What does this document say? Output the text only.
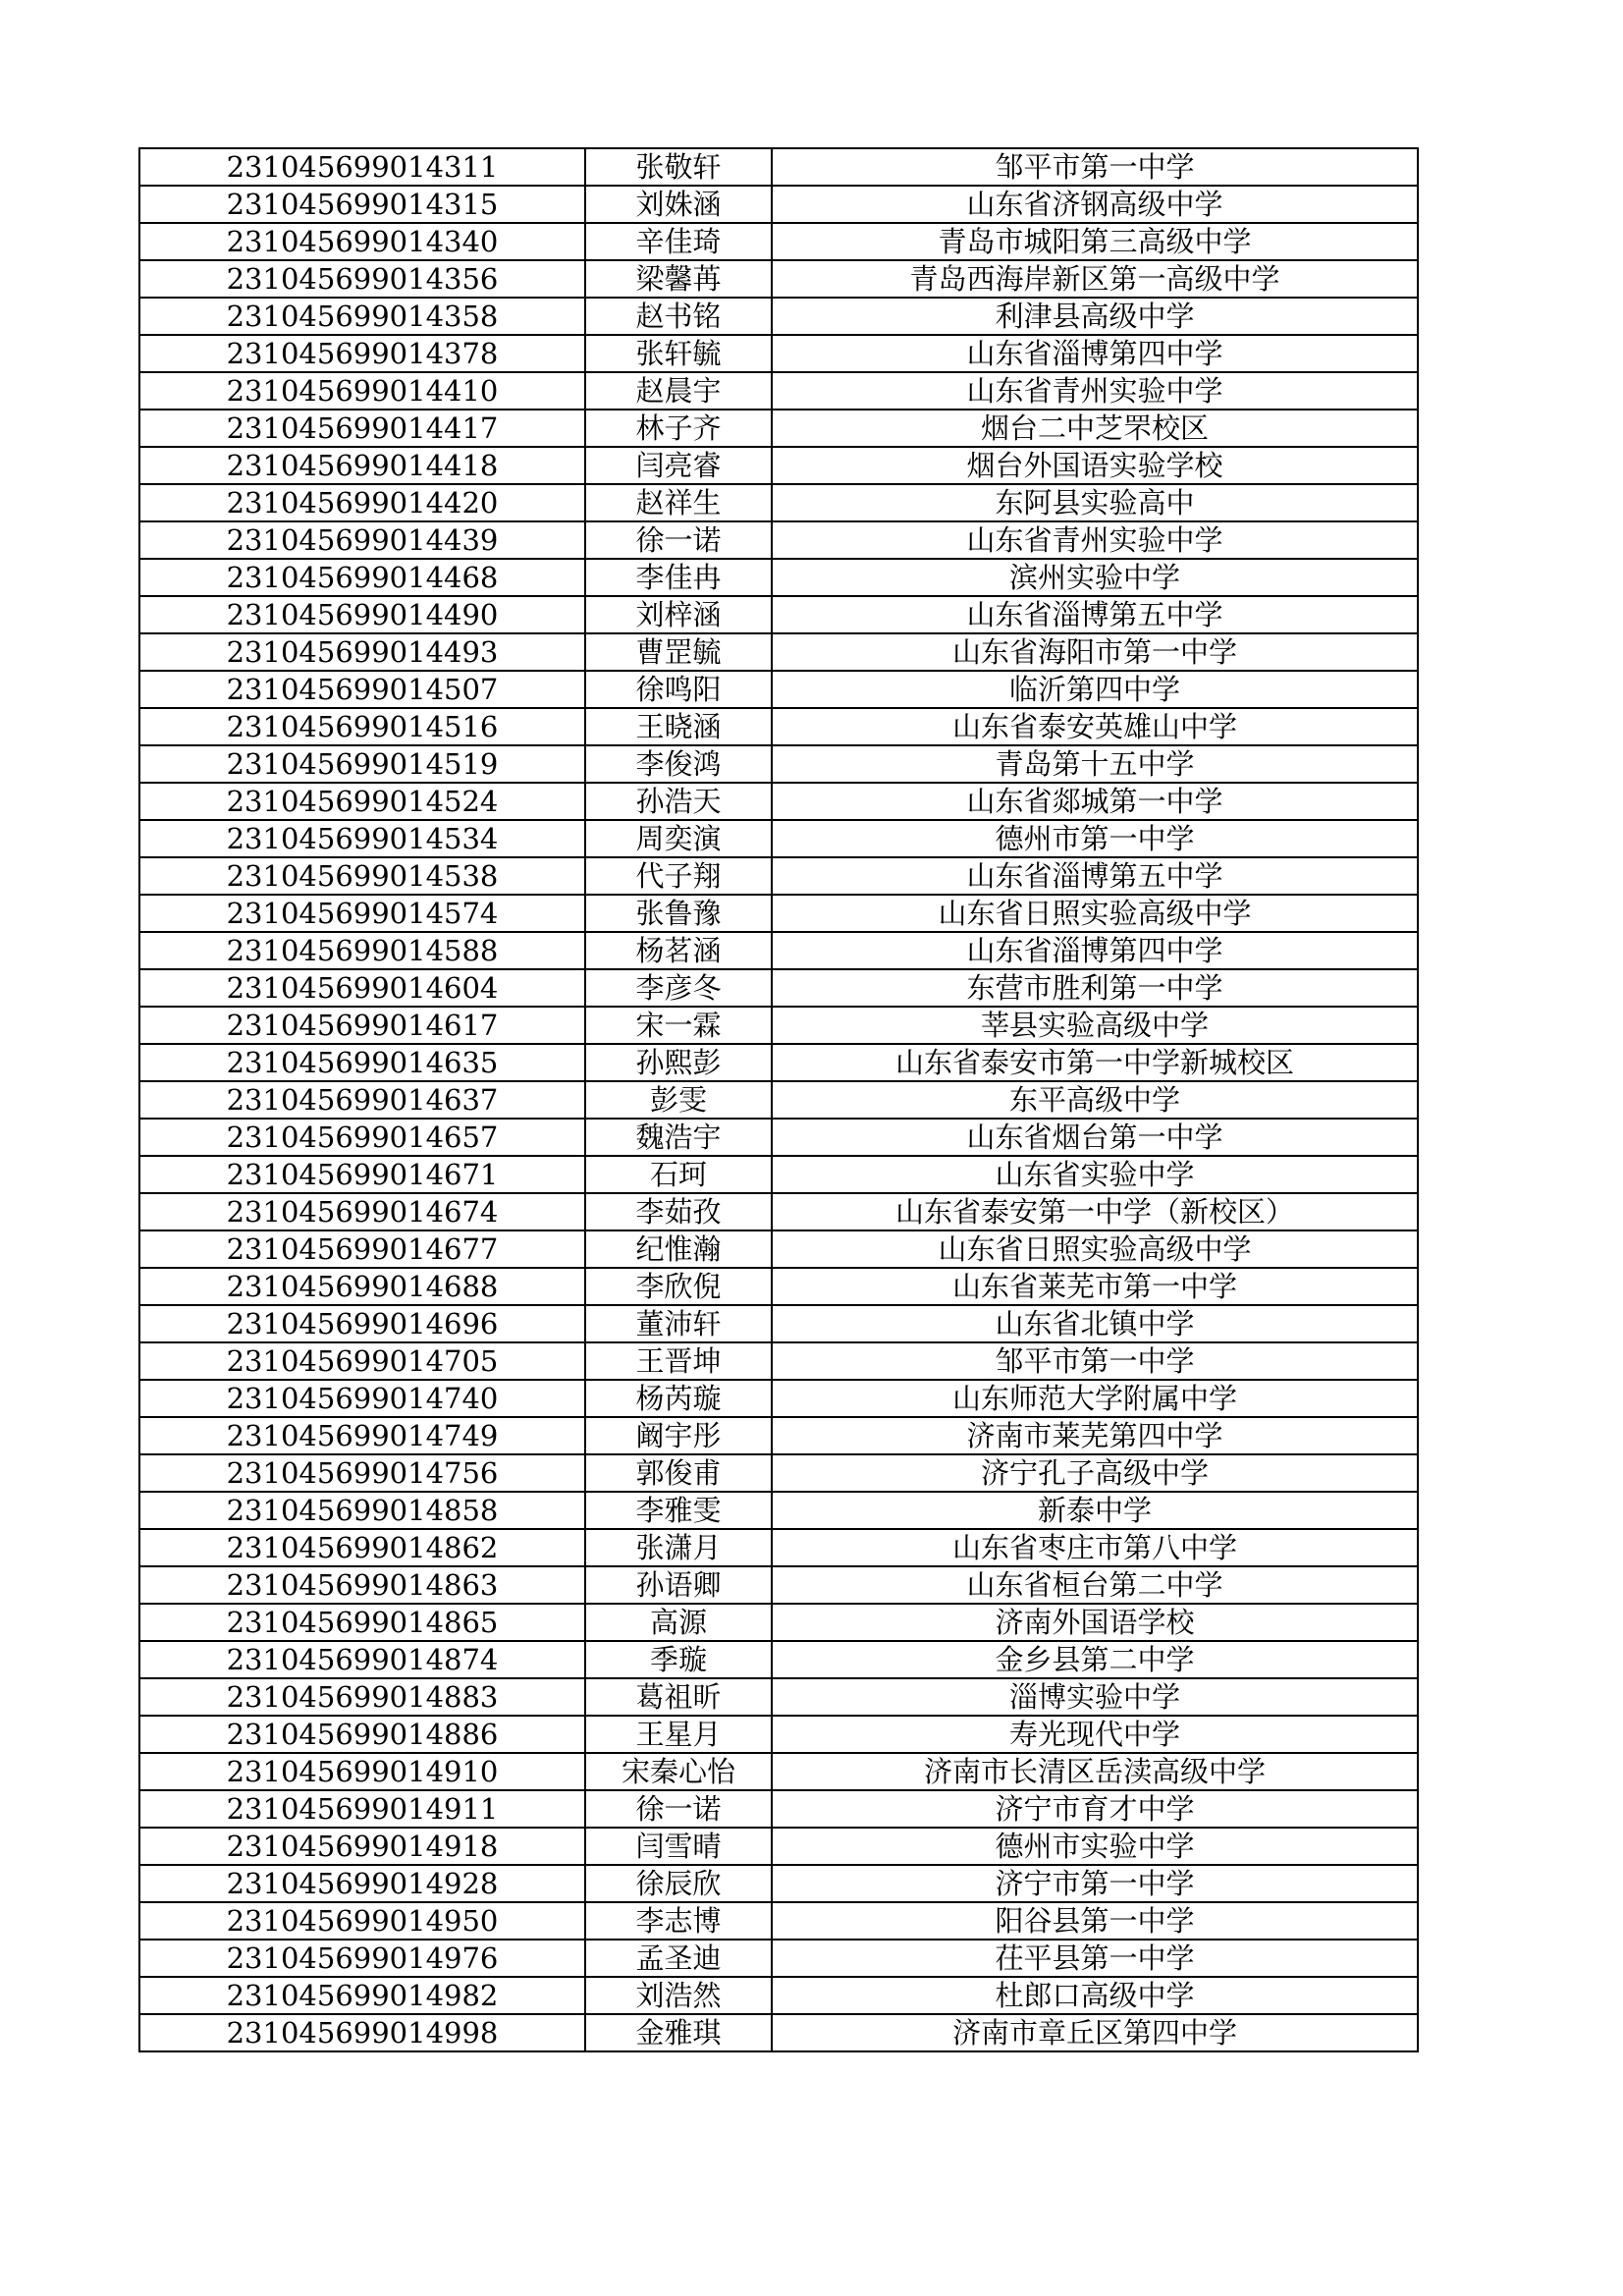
231045699014311	张敬轩	邹平市第一中学
231045699014315	刘姝涵	山东省济钢高级中学
231045699014340	辛佳琦	青岛市城阳第三高级中学
231045699014356	梁馨苒	青岛西海岸新区第一高级中学
231045699014358	赵书铭	利津县高级中学
231045699014378	张轩毓	山东省淄博第四中学
231045699014410	赵晨宇	山东省青州实验中学
231045699014417	林子齐	烟台二中芝罘校区
231045699014418	闫亮睿	烟台外国语实验学校
231045699014420	赵祥生	东阿县实验高中
231045699014439	徐一诺	山东省青州实验中学
231045699014468	李佳冉	滨州实验中学
231045699014490	刘梓涵	山东省淄博第五中学
231045699014493	曹罡毓	山东省海阳市第一中学
231045699014507	徐鸣阳	临沂第四中学
231045699014516	王晓涵	山东省泰安英雄山中学
231045699014519	李俊鸿	青岛第十五中学
231045699014524	孙浩天	山东省郯城第一中学
231045699014534	周奕演	德州市第一中学
231045699014538	代子翔	山东省淄博第五中学
231045699014574	张鲁豫	山东省日照实验高级中学
231045699014588	杨茗涵	山东省淄博第四中学
231045699014604	李彦冬	东营市胜利第一中学
231045699014617	宋一霖	莘县实验高级中学
231045699014635	孙熙彭	山东省泰安市第一中学新城校区
231045699014637	彭雯	东平高级中学
231045699014657	魏浩宇	山东省烟台第一中学
231045699014671	石珂	山东省实验中学
231045699014674	李茹孜	山东省泰安第一中学（新校区）
231045699014677	纪惟瀚	山东省日照实验高级中学
231045699014688	李欣倪	山东省莱芜市第一中学
231045699014696	董沛轩	山东省北镇中学
231045699014705	王晋坤	邹平市第一中学
231045699014740	杨芮璇	山东师范大学附属中学
231045699014749	阚宇彤	济南市莱芜第四中学
231045699014756	郭俊甫	济宁孔子高级中学
231045699014858	李雅雯	新泰中学
231045699014862	张潇月	山东省枣庄市第八中学
231045699014863	孙语卿	山东省桓台第二中学
231045699014865	高源	济南外国语学校
231045699014874	季璇	金乡县第二中学
231045699014883	葛祖昕	淄博实验中学
231045699014886	王星月	寿光现代中学
231045699014910	宋秦心怡	济南市长清区岳渎高级中学
231045699014911	徐一诺	济宁市育才中学
231045699014918	闫雪晴	德州市实验中学
231045699014928	徐辰欣	济宁市第一中学
231045699014950	李志博	阳谷县第一中学
231045699014976	孟圣迪	茌平县第一中学
231045699014982	刘浩然	杜郎口高级中学
231045699014998	金雅琪	济南市章丘区第四中学
